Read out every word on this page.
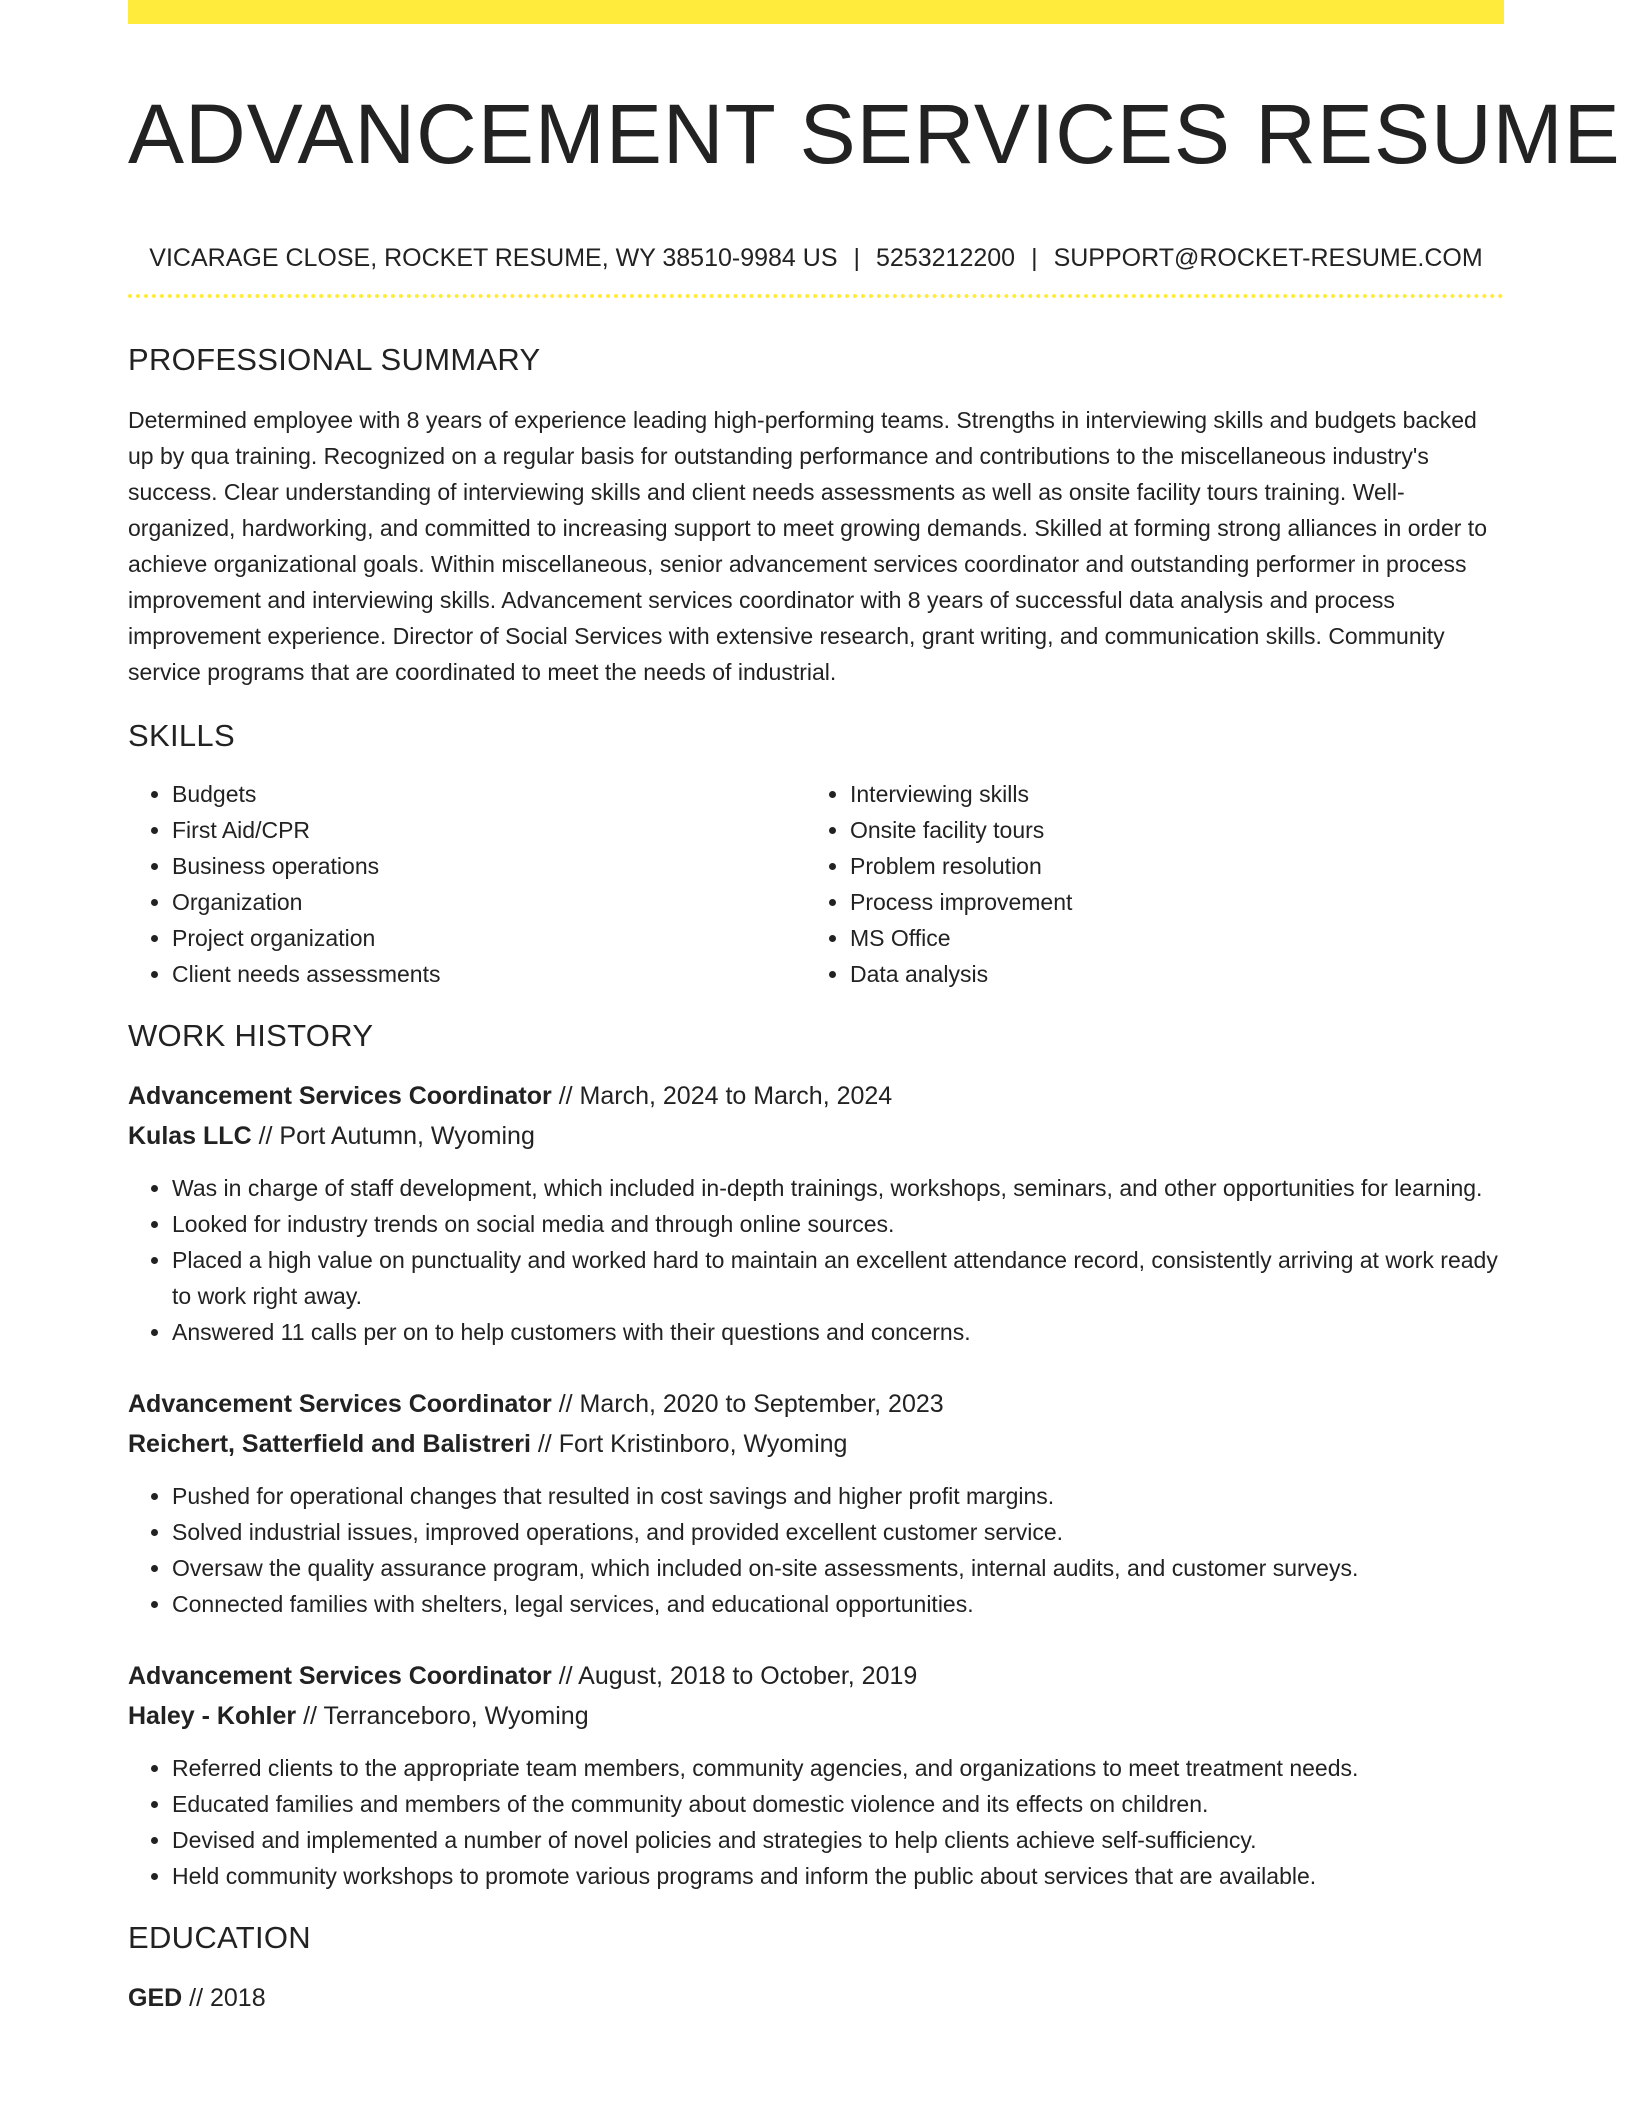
ADVANCEMENT SERVICES RESUME
VICARAGE CLOSE, ROCKET RESUME, WY 38510-9984 US | 5253212200 | SUPPORT@ROCKET-RESUME.COM
PROFESSIONAL SUMMARY

Determined employee with 8 years of experience leading high-performing teams. Strengths in interviewing skills and budgets backed up by qua training. Recognized on a regular basis for outstanding performance and contributions to the miscellaneous industry's success. Clear understanding of interviewing skills and client needs assessments as well as onsite facility tours training. Well-organized, hardworking, and committed to increasing support to meet growing demands. Skilled at forming strong alliances in order to achieve organizational goals. Within miscellaneous, senior advancement services coordinator and outstanding performer in process improvement and interviewing skills. Advancement services coordinator with 8 years of successful data analysis and process improvement experience. Director of Social Services with extensive research, grant writing, and communication skills. Community service programs that are coordinated to meet the needs of industrial.

SKILLS
• Budgets
• First Aid/CPR
• Business operations
• Organization
• Project organization
• Client needs assessments
• Interviewing skills
• Onsite facility tours
• Problem resolution
• Process improvement
• MS Office
• Data analysis
WORK HISTORY
Advancement Services Coordinator // March, 2024 to March, 2024
Kulas LLC // Port Autumn, Wyoming
• Was in charge of staff development, which included in-depth trainings, workshops, seminars, and other opportunities for learning.
• Looked for industry trends on social media and through online sources.
• Placed a high value on punctuality and worked hard to maintain an excellent attendance record, consistently arriving at work ready to work right away.
• Answered 11 calls per on to help customers with their questions and concerns.
Advancement Services Coordinator // March, 2020 to September, 2023
Reichert, Satterfield and Balistreri // Fort Kristinboro, Wyoming
• Pushed for operational changes that resulted in cost savings and higher profit margins.
• Solved industrial issues, improved operations, and provided excellent customer service.
• Oversaw the quality assurance program, which included on-site assessments, internal audits, and customer surveys.
• Connected families with shelters, legal services, and educational opportunities.
Advancement Services Coordinator // August, 2018 to October, 2019
Haley - Kohler // Terranceboro, Wyoming
• Referred clients to the appropriate team members, community agencies, and organizations to meet treatment needs.
• Educated families and members of the community about domestic violence and its effects on children.
• Devised and implemented a number of novel policies and strategies to help clients achieve self-sufficiency.
• Held community workshops to promote various programs and inform the public about services that are available.
EDUCATION
GED // 2018
